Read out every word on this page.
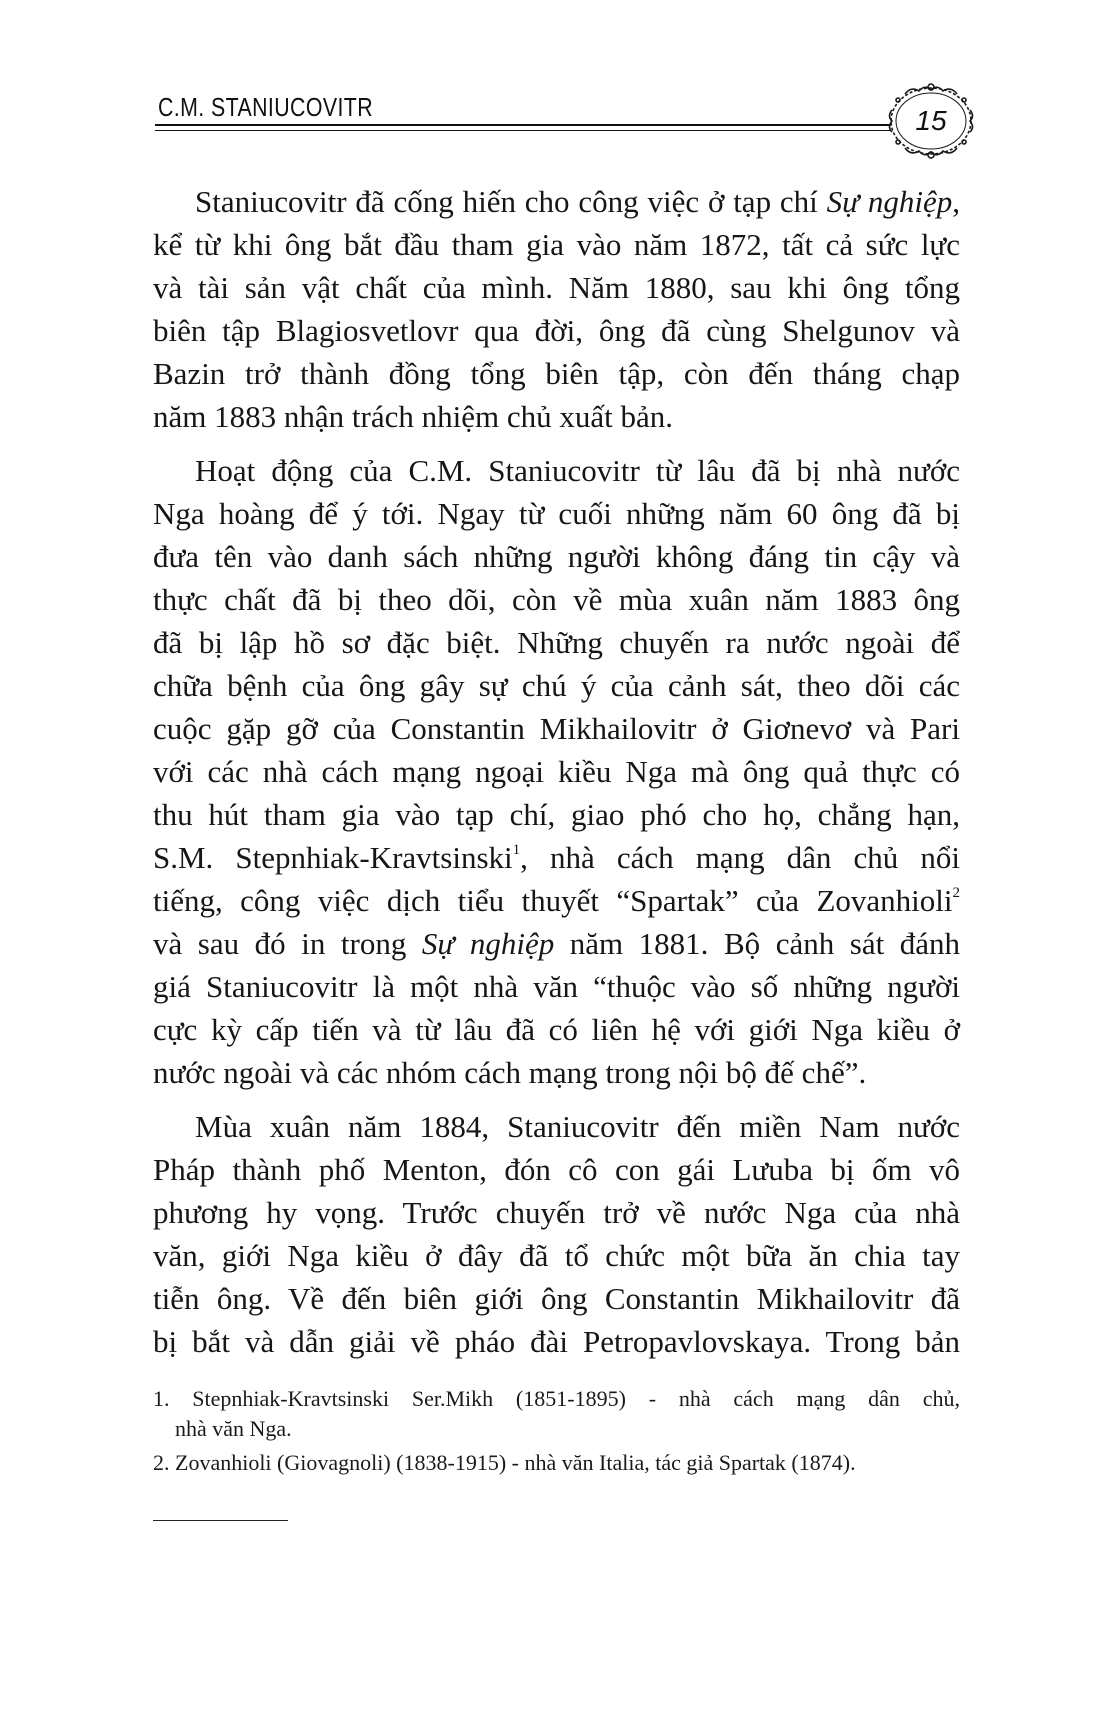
C.M. STANIUCOVITR	15
Staniucovitr đã cống hiến cho công việc ở tạp chí Sự nghiệp,
kể từ khi ông bắt đầu tham gia vào năm 1872, tất cả sức lực
và tài sản vật chất của mình. Năm 1880, sau khi ông tổng
biên tập Blagiosvetlovr qua đời, ông đã cùng Shelgunov và
Bazin trở thành đồng tổng biên tập, còn đến tháng chạp
năm 1883 nhận trách nhiệm chủ xuất bản.
Hoạt động của C.M. Staniucovitr từ lâu đã bị nhà nước
Nga hoàng để ý tới. Ngay từ cuối những năm 60 ông đã bị
đưa tên vào danh sách những người không đáng tin cậy và
thực chất đã bị theo dõi, còn về mùa xuân năm 1883 ông
đã bị lập hồ sơ đặc biệt. Những chuyến ra nước ngoài để
chữa bệnh của ông gây sự chú ý của cảnh sát, theo dõi các
cuộc gặp gỡ của Constantin Mikhailovitr ở Giơnevơ và Pari
với các nhà cách mạng ngoại kiều Nga mà ông quả thực có
thu hút tham gia vào tạp chí, giao phó cho họ, chẳng hạn,
S.M. Stepnhiak-Kravtsinski$^1$, nhà cách mạng dân chủ nổi
tiếng, công việc dịch tiểu thuyết “Spartak” của Zovanhioli$^2$
và sau đó in trong Sự nghiệp năm 1881. Bộ cảnh sát đánh
giá Staniucovitr là một nhà văn “thuộc vào số những người
cực kỳ cấp tiến và từ lâu đã có liên hệ với giới Nga kiều ở
nước ngoài và các nhóm cách mạng trong nội bộ đế chế”.
Mùa xuân năm 1884, Staniucovitr đến miền Nam nước
Pháp thành phố Menton, đón cô con gái Lưuba bị ốm vô
phương hy vọng. Trước chuyến trở về nước Nga của nhà
văn, giới Nga kiều ở đây đã tổ chức một bữa ăn chia tay
tiễn ông. Về đến biên giới ông Constantin Mikhailovitr đã
bị bắt và dẫn giải về pháo đài Petropavlovskaya. Trong bản
1. Stepnhiak-Kravtsinski Ser.Mikh (1851-1895) - nhà cách mạng dân chủ,
nhà văn Nga.
2. Zovanhioli (Giovagnoli) (1838-1915) - nhà văn Italia, tác giả Spartak (1874).
